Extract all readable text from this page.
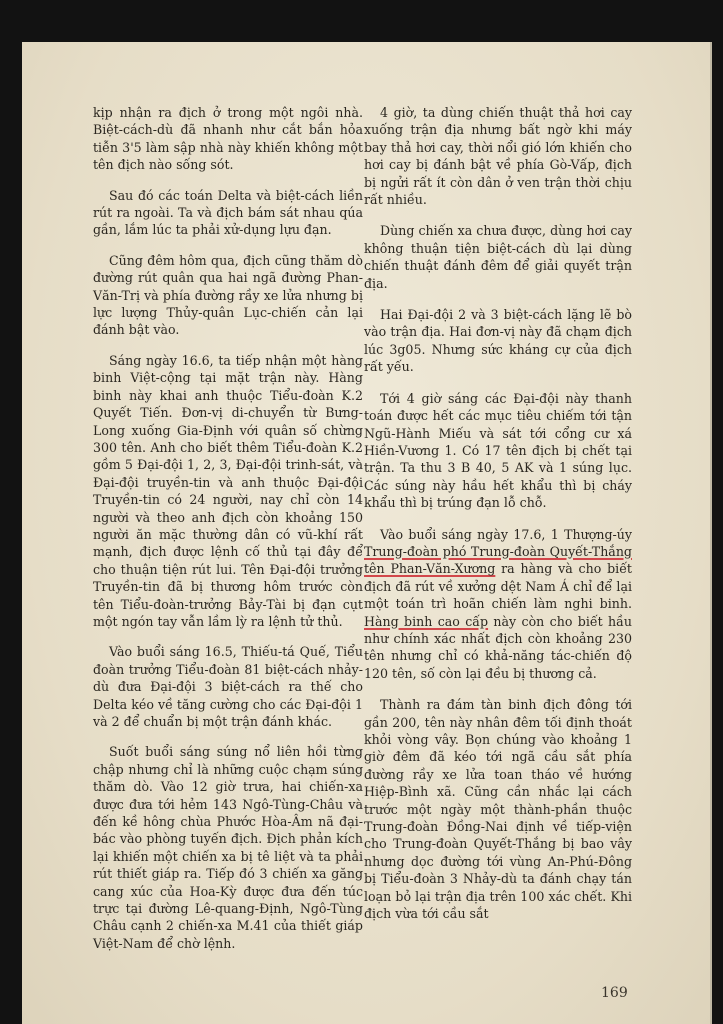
kịp nhận ra địch ở trong một ngôi nhà. Biệt-cách-dù đã nhanh như cắt bắn hỏa tiễn 3'5 làm sập nhà này khiến không một tên địch nào sống sót.

Sau đó các toán Delta và biệt-cách liền rút ra ngoài. Ta và địch bám sát nhau qúa gần, lắm lúc ta phải xử-dụng lựu đạn.

Cũng đêm hôm qua, địch cũng thăm dò đường rút quân qua hai ngã đường Phan-Văn-Trị và phía đường rầy xe lửa nhưng bị lực lượng Thủy-quân Lục-chiến cản lại đánh bật vào.

Sáng ngày 16.6, ta tiếp nhận một hàng binh Việt-cộng tại mặt trận này. Hàng binh này khai anh thuộc Tiểu-đoàn K.2 Quyết Tiến. Đơn-vị di-chuyển từ Bưng-Long xuống Gia-Định với quân số chừng 300 tên. Anh cho biết thêm Tiểu-đoàn K.2 gồm 5 Đại-đội 1, 2, 3, Đại-đội trinh-sát, và Đại-đội truyền-tin và anh thuộc Đại-đội Truyền-tin có 24 người, nay chỉ còn 14 người và theo anh địch còn khoảng 150 người ăn mặc thường dân có vũ-khí rất mạnh, địch được lệnh cố thủ tại đây để cho thuận tiện rút lui. Tên Đại-đội trưởng Truyền-tin đã bị thương hôm trước còn tên Tiểu-đoàn-trưởng Bảy-Tài bị đạn cụt một ngón tay vẫn lầm lỳ ra lệnh tử thủ.

Vào buổi sáng 16.5, Thiếu-tá Quế, Tiểu đoàn trưởng Tiểu-đoàn 81 biệt-cách nhảy-dù đưa Đại-đội 3 biệt-cách ra thế cho Delta kéo về tăng cường cho các Đại-đội 1 và 2 để chuẩn bị một trận đánh khác.

Suốt buổi sáng súng nổ liên hồi từng chập nhưng chỉ là những cuộc chạm súng thăm dò. Vào 12 giờ trưa, hai chiến-xa được đưa tới hẻm 143 Ngô-Tùng-Châu và đến kề hông chùa Phước Hòa-Âm nã đại-bác vào phòng tuyến địch. Địch phản kích lại khiến một chiến xa bị tê liệt và ta phải rút thiết giáp ra. Tiếp đó 3 chiến xa găng cang xúc của Hoa-Kỳ được đưa đến túc trực tại đường Lê-quang-Định, Ngô-Tùng Châu cạnh 2 chiến-xa M.41 của thiết giáp Việt-Nam để chờ lệnh.

4 giờ, ta dùng chiến thuật thả hơi cay xuống trận địa nhưng bất ngờ khi máy bay thả hơi cay, thời nổi gió lớn khiến cho hơi cay bị đánh bật về phía Gò-Vấp, địch bị ngửi rất ít còn dân ở ven trận thời chịu rất nhiều.

Dùng chiến xa chưa được, dùng hơi cay không thuận tiện biệt-cách dù lại dùng chiến thuật đánh đêm để giải quyết trận địa.

Hai Đại-đội 2 và 3 biệt-cách lặng lẽ bò vào trận địa. Hai đơn-vị này đã chạm địch lúc 3g05. Nhưng sức kháng cự của địch rất yếu.

Tới 4 giờ sáng các Đại-đội này thanh toán được hết các mục tiêu chiếm tới tận Ngũ-Hành Miếu và sát tới cổng cư xá Hiền-Vương 1. Có 17 tên địch bị chết tại trận. Ta thu 3 B 40, 5 AK và 1 súng lục. Các súng này hầu hết khẩu thì bị cháy khẩu thì bị trúng đạn lỗ chỗ.

Vào buổi sáng ngày 17.6, 1 Thượng-úy Trung-đoàn phó Trung-đoàn Quyết-Thắng tên Phan-Văn-Xương ra hàng và cho biết địch đã rút về xưởng dệt Nam Á chỉ để lại một toán trì hoãn chiến làm nghi binh. Hàng binh cao cấp này còn cho biết hầu như chính xác nhất địch còn khoảng 230 tên nhưng chỉ có khả-năng tác-chiến độ 120 tên, số còn lại đều bị thương cả.

Thành ra đám tàn binh địch đông tới gần 200, tên này nhân đêm tối định thoát khỏi vòng vây. Bọn chúng vào khoảng 1 giờ đêm đã kéo tới ngã cầu sắt phía đường rầy xe lửa toan tháo về hướng Hiệp-Bình xã. Cũng cần nhắc lại cách trước một ngày một thành-phần thuộc Trung-đoàn Đồng-Nai định về tiếp-viện cho Trung-đoàn Quyết-Thắng bị bao vây nhưng dọc đường tới vùng An-Phú-Đông bị Tiểu-đoàn 3 Nhảy-dù ta đánh chạy tán loạn bỏ lại trận địa trên 100 xác chết. Khi địch vừa tới cầu sắt

169
